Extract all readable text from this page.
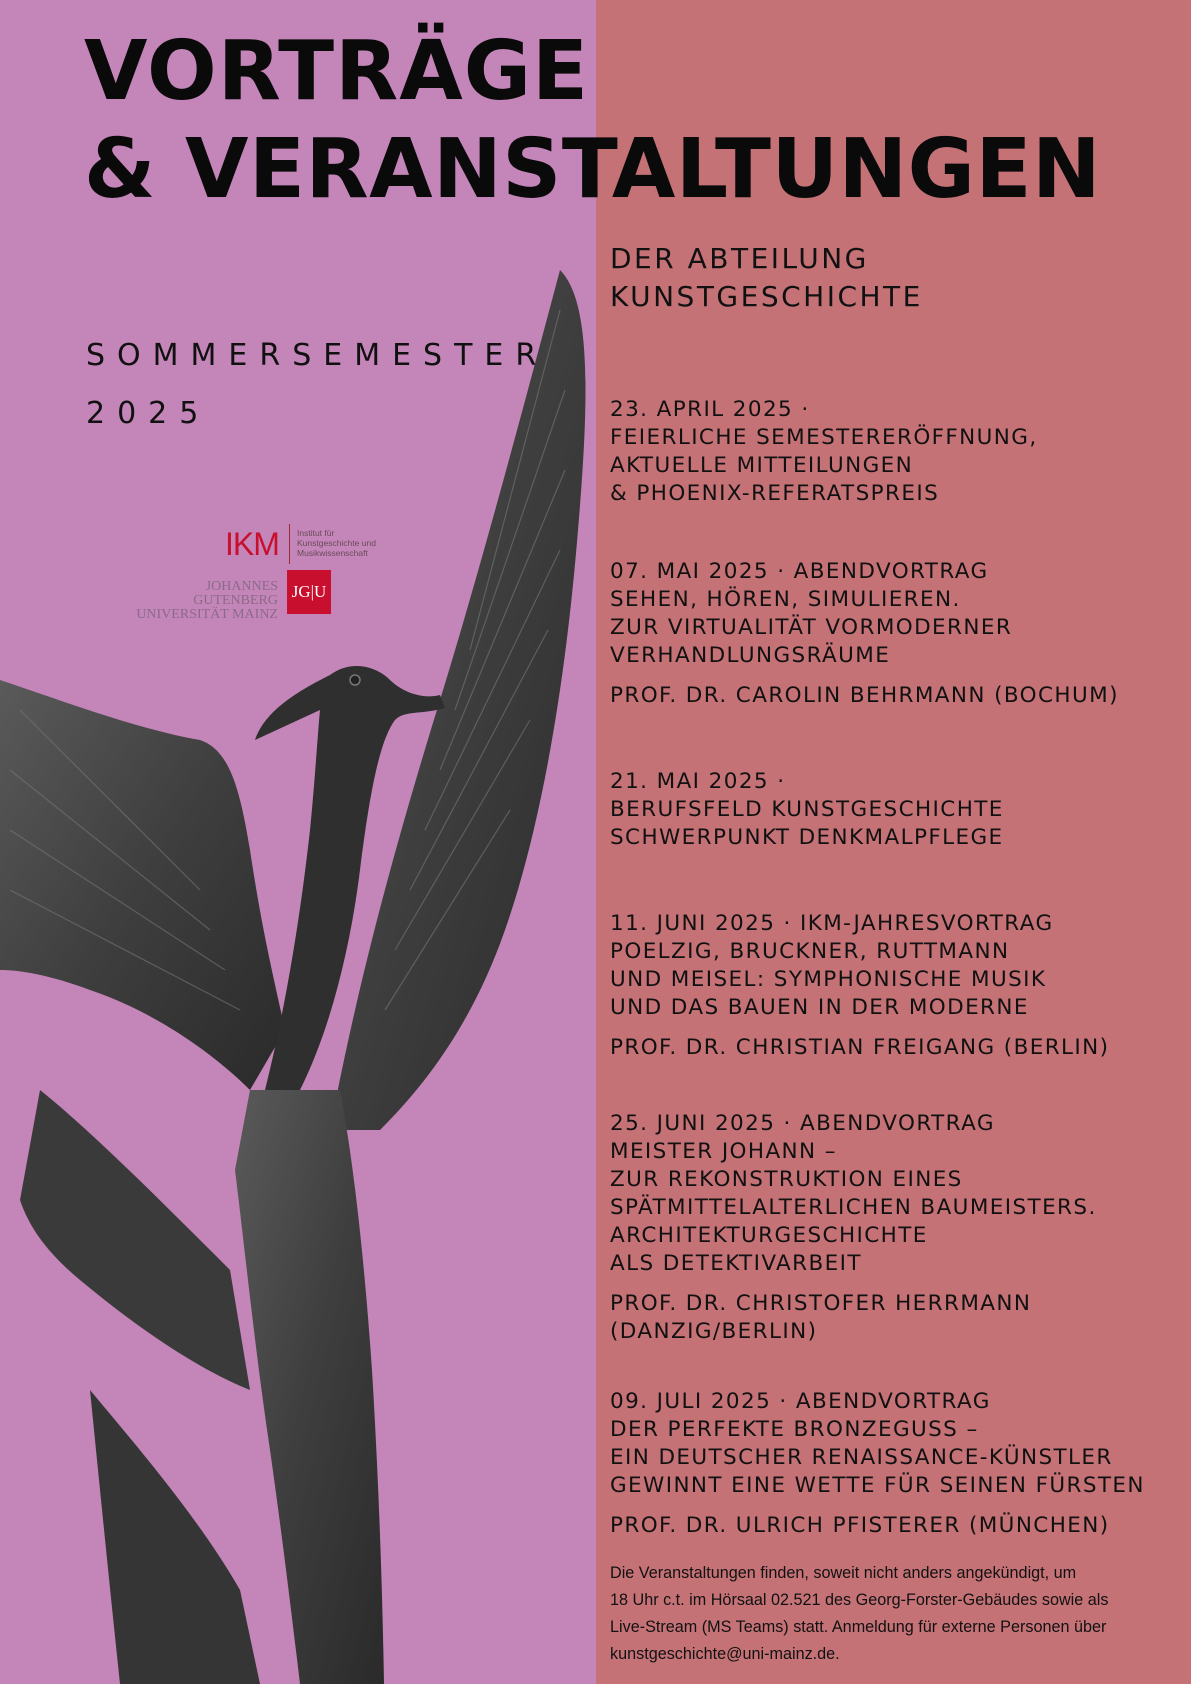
VORTRÄGE
& VERANSTALTUNGEN
DER ABTEILUNG
KUNSTGESCHICHTE
SOMMERSEMESTER
2025
IKM Institut für
Kunstgeschichte und
Musikwissenschaft
JOHANNES GUTENBERG
UNIVERSITÄT MAINZ
JG|U
23. APRIL 2025 ·
FEIERLICHE SEMESTERERÖFFNUNG,
AKTUELLE MITTEILUNGEN
& PHOENIX-REFERATSPREIS
07. MAI 2025 · ABENDVORTRAG
SEHEN, HÖREN, SIMULIEREN.
ZUR VIRTUALITÄT VORMODERNER
VERHANDLUNGSRÄUME
PROF. DR. CAROLIN BEHRMANN (BOCHUM)
21. MAI 2025 ·
BERUFSFELD KUNSTGESCHICHTE
SCHWERPUNKT DENKMALPFLEGE
11. JUNI 2025 · IKM-JAHRESVORTRAG
POELZIG, BRUCKNER, RUTTMANN
UND MEISEL: SYMPHONISCHE MUSIK
UND DAS BAUEN IN DER MODERNE
PROF. DR. CHRISTIAN FREIGANG (BERLIN)
25. JUNI 2025 · ABENDVORTRAG
MEISTER JOHANN –
ZUR REKONSTRUKTION EINES
SPÄTMITTELALTERLICHEN BAUMEISTERS.
ARCHITEKTURGESCHICHTE
ALS DETEKTIVARBEIT
PROF. DR. CHRISTOFER HERRMANN
(DANZIG/BERLIN)
09. JULI 2025 · ABENDVORTRAG
DER PERFEKTE BRONZEGUSS –
EIN DEUTSCHER RENAISSANCE-KÜNSTLER
GEWINNT EINE WETTE FÜR SEINEN FÜRSTEN
PROF. DR. ULRICH PFISTERER (MÜNCHEN)
Die Veranstaltungen finden, soweit nicht anders angekündigt, um
18 Uhr c.t. im Hörsaal 02.521 des Georg-Forster-Gebäudes sowie als
Live-Stream (MS Teams) statt. Anmeldung für externe Personen über
kunstgeschichte@uni-mainz.de.
